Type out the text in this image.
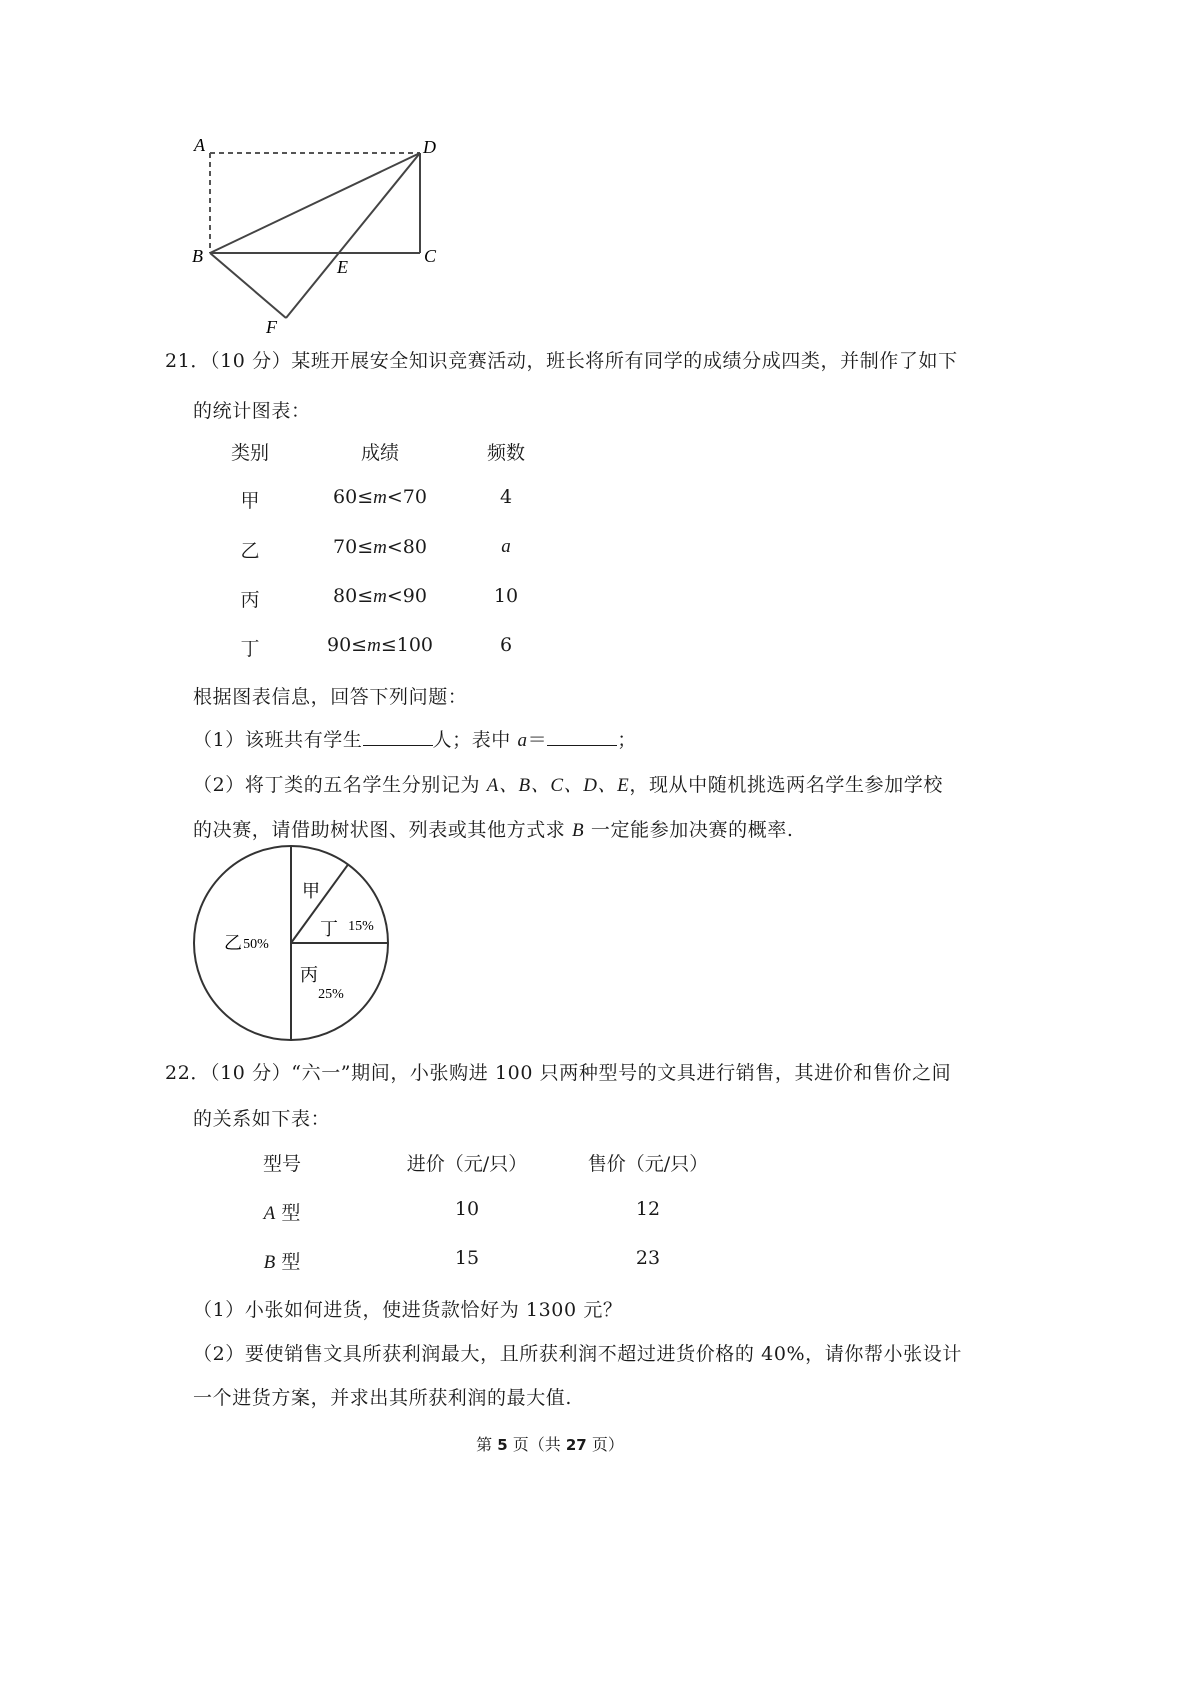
A	D
B	C
E
F
21．（10 分）某班开展安全知识竞赛活动，班长将所有同学的成绩分成四类，并制作了如下
的统计图表：
类别	成绩	频数
甲	60≤m<70	4
乙	70≤m<80	a
丙	80≤m<90	10
丁	90≤m≤100	6
根据图表信息，回答下列问题：
（1）该班共有学生	人；表中 a＝	；
（2）将丁类的五名学生分别记为 A、B、C、D、E，现从中随机挑选两名学生参加学校
的决赛，请借助树状图、列表或其他方式求 B 一定能参加决赛的概率.
乙 50%
甲
丁 15%
丙
25%
22．（10 分）“六一”期间，小张购进 100 只两种型号的文具进行销售，其进价和售价之间
的关系如下表：
型号	进价（元/只）	售价（元/只）
A 型	10	12
B 型	15	23
（1）小张如何进货，使进货款恰好为 1300 元？
（2）要使销售文具所获利润最大，且所获利润不超过进货价格的 40%，请你帮小张设计
一个进货方案，并求出其所获利润的最大值.
第 5 页（共 27 页）
